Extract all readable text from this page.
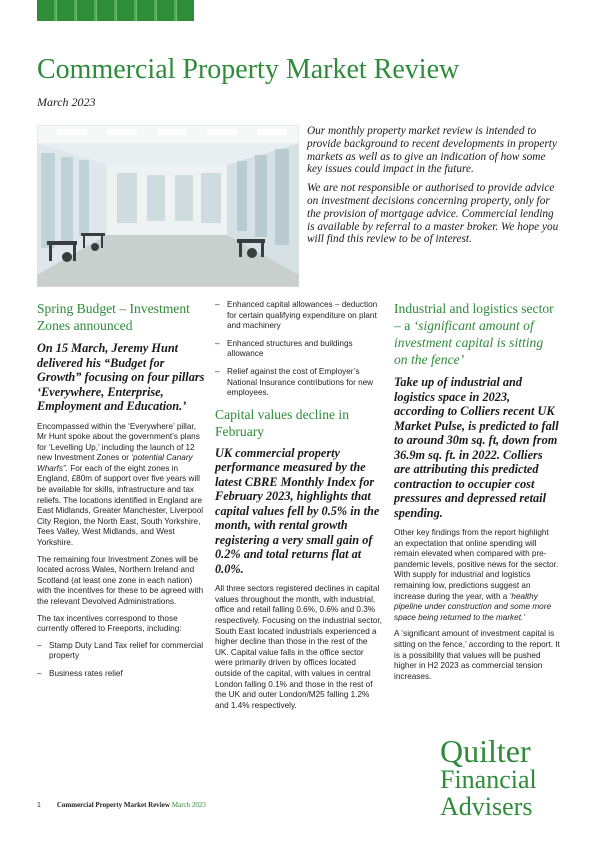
Commercial Property Market Review
March 2023

Our monthly property market review is intended to provide background to recent developments in property markets as well as to give an indication of how some key issues could impact in the future.

We are not responsible or authorised to provide advice on investment decisions concerning property, only for the provision of mortgage advice. Commercial lending is available by referral to a master broker. We hope you will find this review to be of interest.

Spring Budget – Investment Zones announced
On 15 March, Jeremy Hunt delivered his “Budget for Growth” focusing on four pillars ‘Everywhere, Enterprise, Employment and Education.’

Encompassed within the ‘Everywhere’ pillar, Mr Hunt spoke about the government’s plans for ‘Levelling Up,’ including the launch of 12 new Investment Zones or ‘potential Canary Wharfs”. For each of the eight zones in England, £80m of support over five years will be available for skills, infrastructure and tax reliefs. The locations identified in England are East Midlands, Greater Manchester, Liverpool City Region, the North East, South Yorkshire, Tees Valley, West Midlands, and West Yorkshire.

The remaining four Investment Zones will be located across Wales, Northern Ireland and Scotland (at least one zone in each nation) with the incentives for these to be agreed with the relevant Devolved Administrations.

The tax incentives correspond to those currently offered to Freeports, including:

– Stamp Duty Land Tax relief for commercial property
– Business rates relief
– Enhanced capital allowances – deduction for certain qualifying expenditure on plant and machinery
– Enhanced structures and buildings allowance
– Relief against the cost of Employer’s National Insurance contributions for new employees.
Capital values decline in February
UK commercial property performance measured by the latest CBRE Monthly Index for February 2023, highlights that capital values fell by 0.5% in the month, with rental growth registering a very small gain of 0.2% and total returns flat at 0.0%.

All three sectors registered declines in capital values throughout the month, with industrial, office and retail falling 0.6%, 0.6% and 0.3% respectively. Focusing on the industrial sector, South East located industrials experienced a higher decline than those in the rest of the UK. Capital value falls in the office sector were primarily driven by offices located outside of the capital, with values in central London falling 0.1% and those in the rest of the UK and outer London/M25 falling 1.2% and 1.4% respectively.

Industrial and logistics sector – a ‘significant amount of investment capital is sitting on the fence’
Take up of industrial and logistics space in 2023, according to Colliers recent UK Market Pulse, is predicted to fall to around 30m sq. ft, down from 36.9m sq. ft. in 2022. Colliers are attributing this predicted contraction to occupier cost pressures and depressed retail spending.

Other key findings from the report highlight an expectation that online spending will remain elevated when compared with pre-pandemic levels, positive news for the sector. With supply for industrial and logistics remaining low, predictions suggest an increase during the year, with a ‘healthy pipeline under construction and some more space being returned to the market.’

A ‘significant amount of investment capital is sitting on the fence,’ according to the report. It is a possibility that values will be pushed higher in H2 2023 as commercial tension increases.

Quilter
Financial
Advisers
1 Commercial Property Market Review March 2023
